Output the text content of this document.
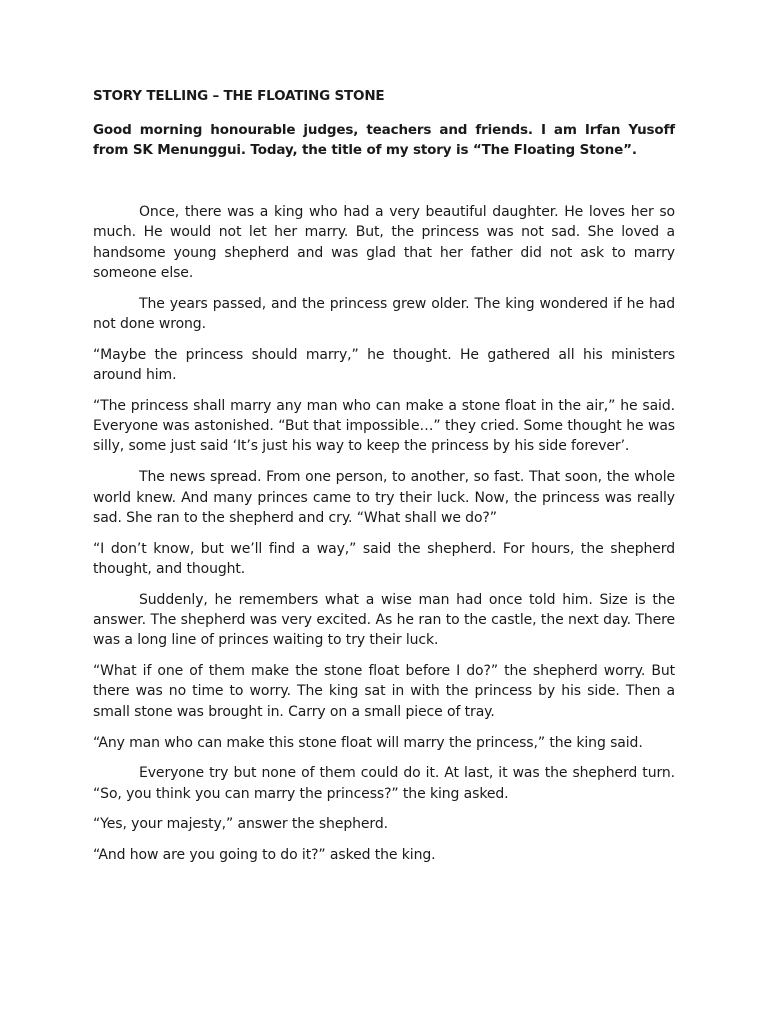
STORY TELLING – THE FLOATING STONE

Good morning honourable judges, teachers and friends. I am Irfan Yusoff from SK Menunggui. Today, the title of my story is “The Floating Stone”.

Once, there was a king who had a very beautiful daughter. He loves her so much. He would not let her marry. But, the princess was not sad. She loved a handsome young shepherd and was glad that her father did not ask to marry someone else.

The years passed, and the princess grew older. The king wondered if he had not done wrong.

“Maybe the princess should marry,” he thought. He gathered all his ministers around him.

“The princess shall marry any man who can make a stone float in the air,” he said. Everyone was astonished. “But that impossible…” they cried. Some thought he was silly, some just said ‘It’s just his way to keep the princess by his side forever’.

The news spread. From one person, to another, so fast. That soon, the whole world knew. And many princes came to try their luck. Now, the princess was really sad. She ran to the shepherd and cry. “What shall we do?”

“I don’t know, but we’ll find a way,” said the shepherd. For hours, the shepherd thought, and thought.

Suddenly, he remembers what a wise man had once told him. Size is the answer. The shepherd was very excited. As he ran to the castle, the next day. There was a long line of princes waiting to try their luck.

“What if one of them make the stone float before I do?” the shepherd worry. But there was no time to worry. The king sat in with the princess by his side. Then a small stone was brought in. Carry on a small piece of tray.

“Any man who can make this stone float will marry the princess,” the king said.

Everyone try but none of them could do it. At last, it was the shepherd turn. “So, you think you can marry the princess?” the king asked.

“Yes, your majesty,” answer the shepherd.

“And how are you going to do it?” asked the king.
